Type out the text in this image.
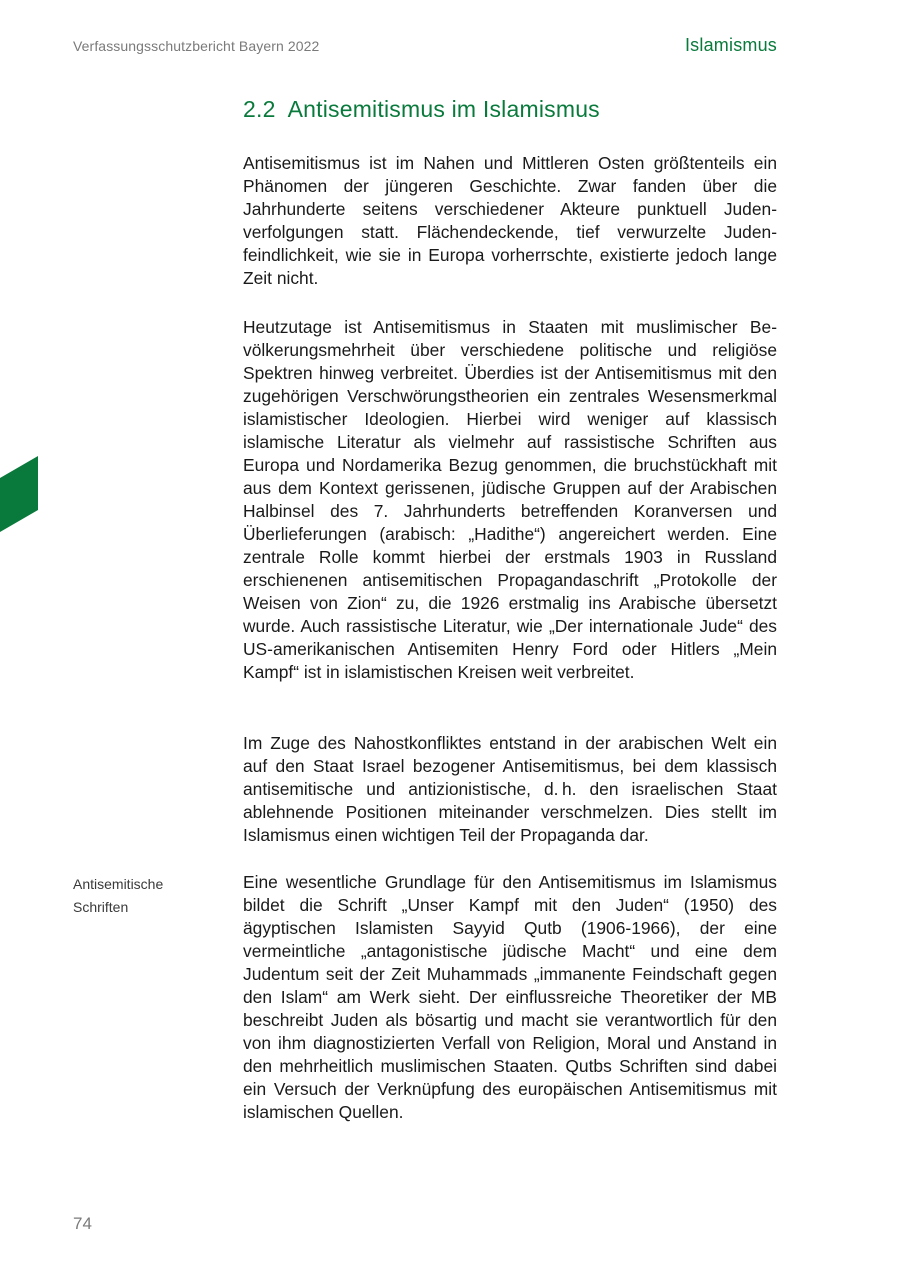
Verfassungsschutzbericht Bayern 2022	Islamismus
2.2 Antisemitismus im Islamismus

Antisemitismus ist im Nahen und Mittleren Osten größtenteils ein Phänomen der jüngeren Geschichte. Zwar fanden über die Jahrhunderte seitens verschiedener Akteure punktuell Judenverfolgungen statt. Flächendeckende, tief verwurzelte Judenfeindlichkeit, wie sie in Europa vorherrschte, existierte jedoch lange Zeit nicht.

Heutzutage ist Antisemitismus in Staaten mit muslimischer Bevölkerungsmehrheit über verschiedene politische und religiöse Spektren hinweg verbreitet. Überdies ist der Antisemitismus mit den zugehörigen Verschwörungstheorien ein zentrales Wesensmerkmal islamistischer Ideologien. Hierbei wird weniger auf klassisch islamische Literatur als vielmehr auf rassistische Schriften aus Europa und Nordamerika Bezug genommen, die bruchstückhaft mit aus dem Kontext gerissenen, jüdische Gruppen auf der Arabischen Halbinsel des 7. Jahrhunderts betreffenden Koranversen und Überlieferungen (arabisch: „Hadithe“) angereichert werden. Eine zentrale Rolle kommt hierbei der erstmals 1903 in Russland erschienenen antisemitischen Propagandaschrift „Protokolle der Weisen von Zion“ zu, die 1926 erstmalig ins Arabische übersetzt wurde. Auch rassistische Literatur, wie „Der internationale Jude“ des US-amerikanischen Antisemiten Henry Ford oder Hitlers „Mein Kampf“ ist in islamistischen Kreisen weit verbreitet.

Im Zuge des Nahostkonfliktes entstand in der arabischen Welt ein auf den Staat Israel bezogener Antisemitismus, bei dem klassisch antisemitische und antizionistische, d. h. den israelischen Staat ablehnende Positionen miteinander verschmelzen. Dies stellt im Islamismus einen wichtigen Teil der Propaganda dar.

Antisemitische Schriften

Eine wesentliche Grundlage für den Antisemitismus im Islamismus bildet die Schrift „Unser Kampf mit den Juden“ (1950) des ägyptischen Islamisten Sayyid Qutb (1906-1966), der eine vermeintliche „antagonistische jüdische Macht“ und eine dem Judentum seit der Zeit Muhammads „immanente Feindschaft gegen den Islam“ am Werk sieht. Der einflussreiche Theoretiker der MB beschreibt Juden als bösartig und macht sie verantwortlich für den von ihm diagnostizierten Verfall von Religion, Moral und Anstand in den mehrheitlich muslimischen Staaten. Qutbs Schriften sind dabei ein Versuch der Verknüpfung des europäischen Antisemitismus mit islamischen Quellen.

74
